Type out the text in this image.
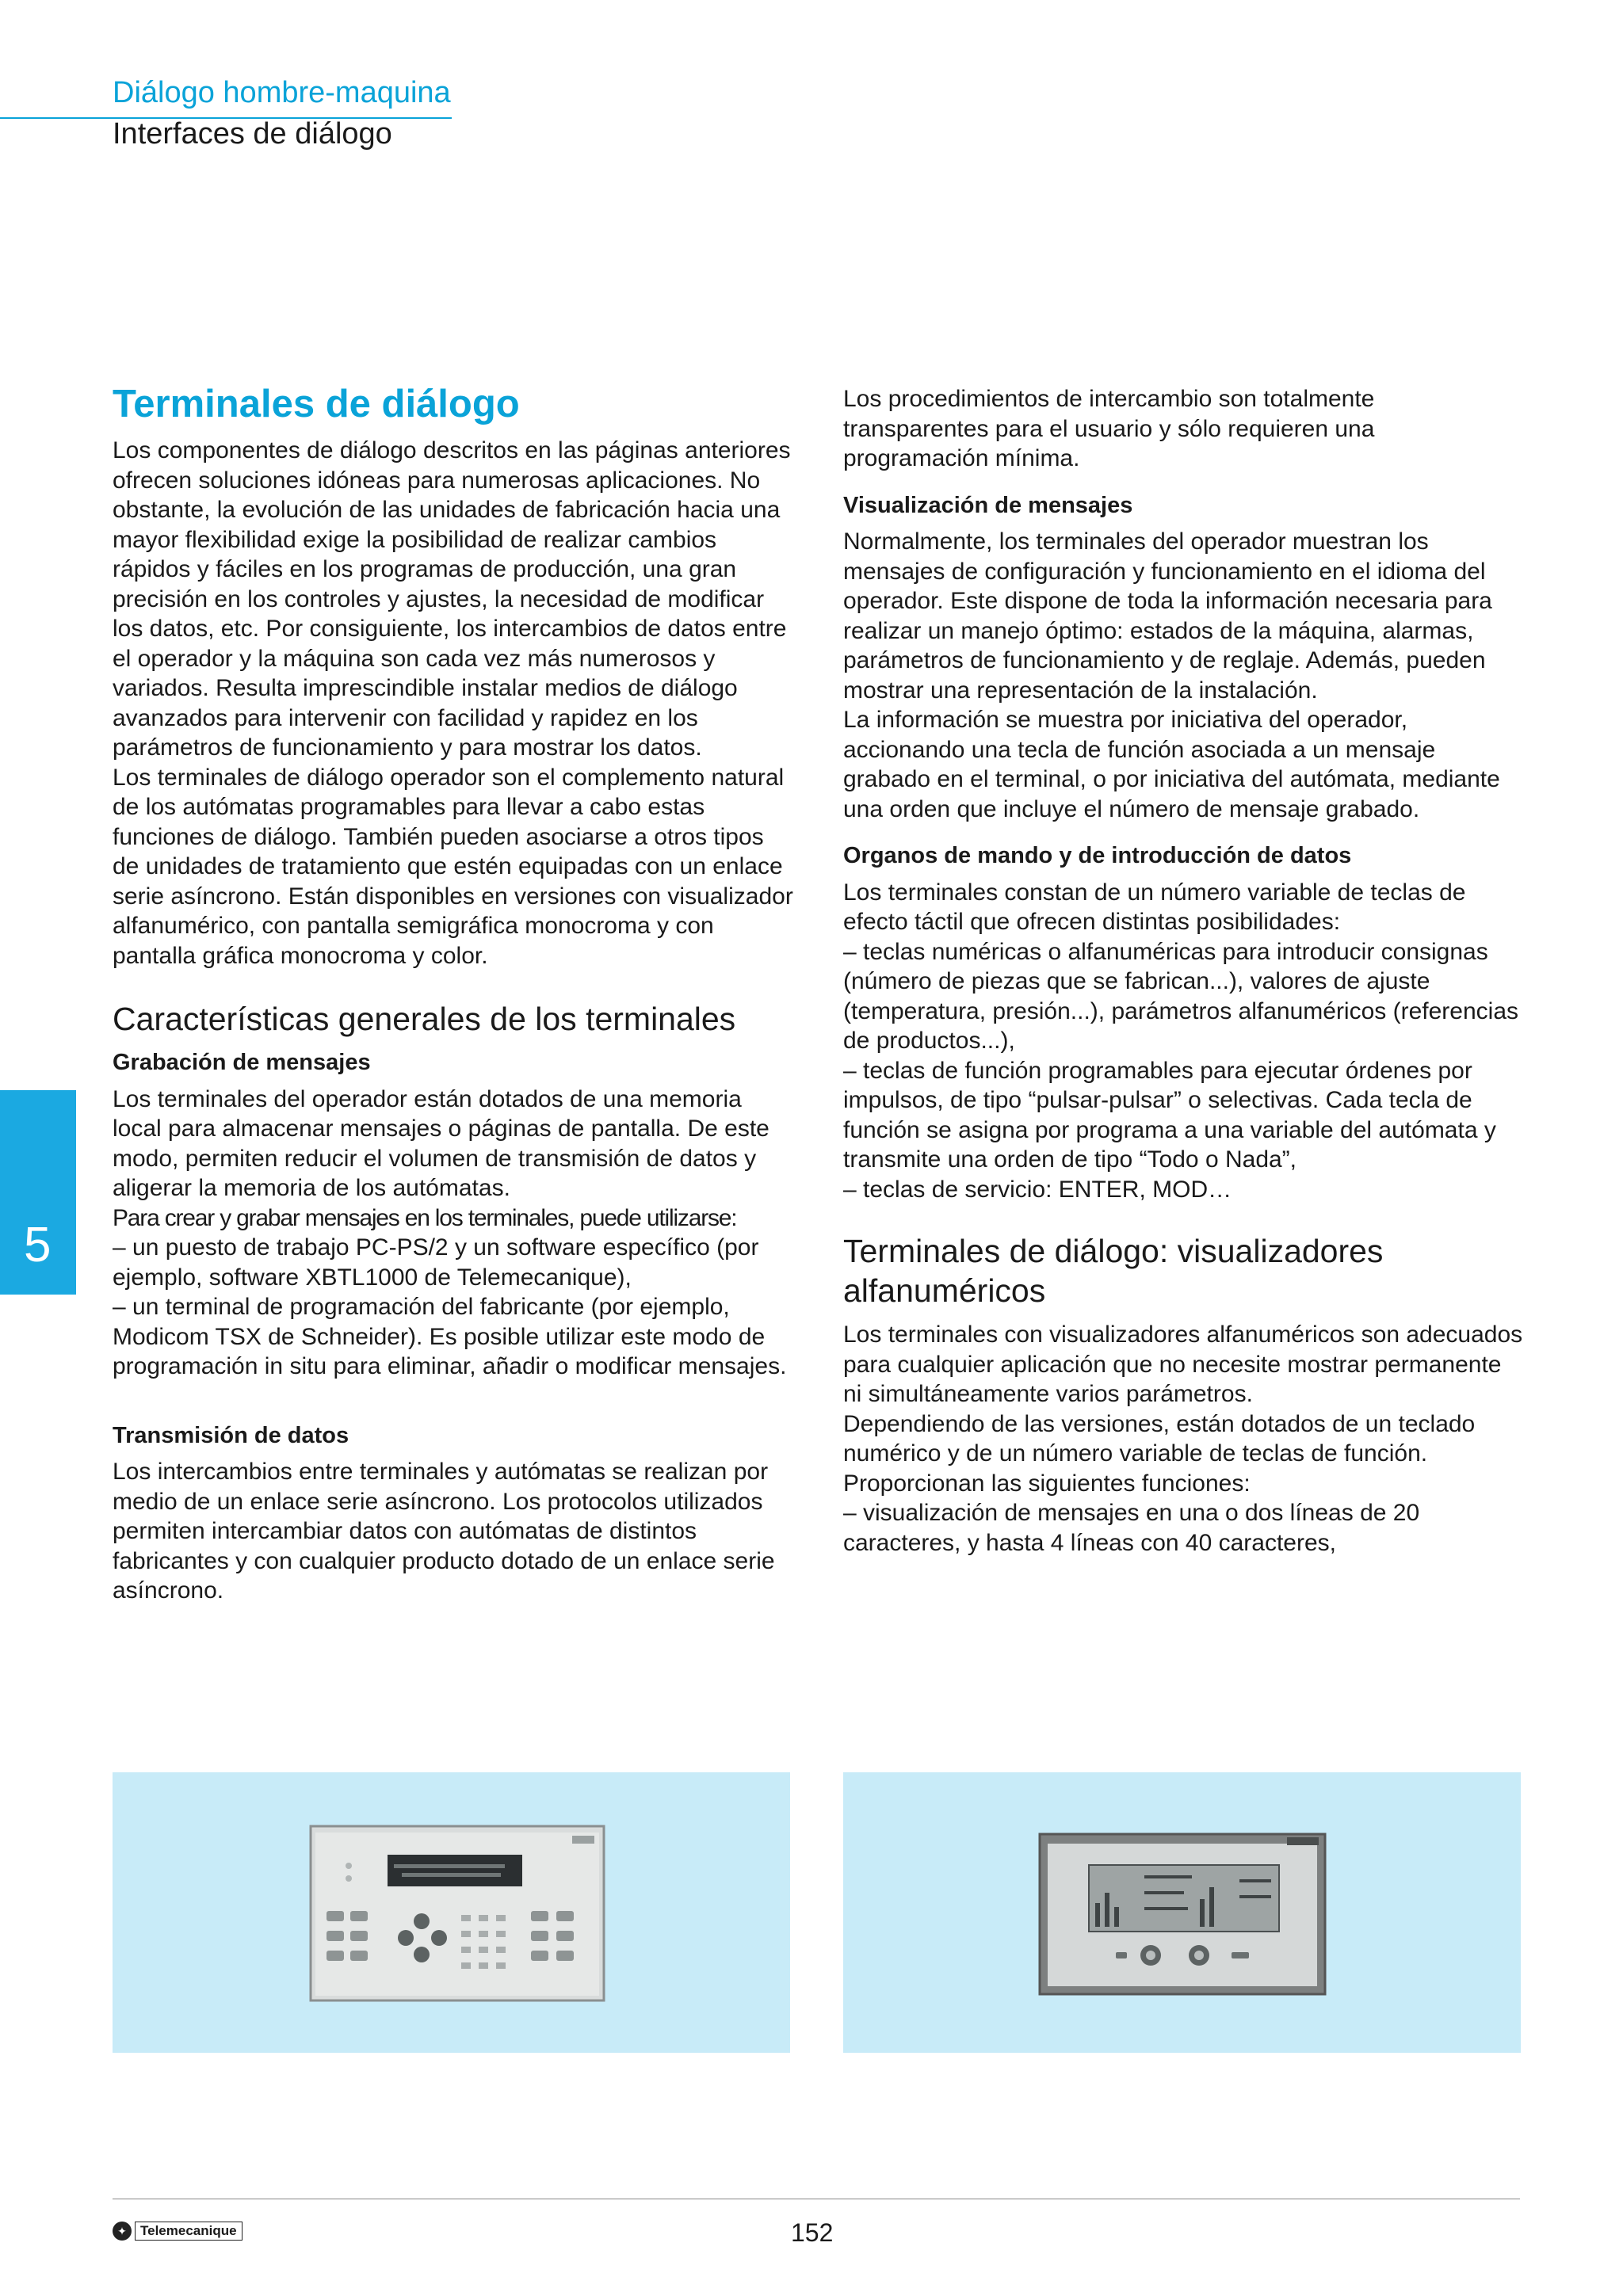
Diálogo hombre-maquina
Interfaces de diálogo
5
Terminales de diálogo

Los componentes de diálogo descritos en las páginas anteriores ofrecen soluciones idóneas para numerosas aplicaciones. No obstante, la evolución de las unidades de fabricación hacia una mayor flexibilidad exige la posibilidad de realizar cambios rápidos y fáciles en los programas de producción, una gran precisión en los controles y ajustes, la necesidad de modificar los datos, etc. Por consiguiente, los intercambios de datos entre el operador y la máquina son cada vez más numerosos y variados. Resulta imprescindible instalar medios de diálogo avanzados para intervenir con facilidad y rapidez en los parámetros de funcionamiento y para mostrar los datos.

Los terminales de diálogo operador son el complemento natural de los autómatas programables para llevar a cabo estas funciones de diálogo. También pueden asociarse a otros tipos de unidades de tratamiento que estén equipadas con un enlace serie asíncrono. Están disponibles en versiones con visualizador alfanumérico, con pantalla semigráfica monocroma y con pantalla gráfica monocroma y color.

Características generales de los terminales
Grabación de mensajes

Los terminales del operador están dotados de una memoria local para almacenar mensajes o páginas de pantalla. De este modo, permiten reducir el volumen de transmisión de datos y aligerar la memoria de los autómatas.

Para crear y grabar mensajes en los terminales, puede utilizarse:

– un puesto de trabajo PC-PS/2 y un software específico (por ejemplo, software XBTL1000 de Telemecanique),

– un terminal de programación del fabricante (por ejemplo, Modicom TSX de Schneider). Es posible utilizar este modo de programación in situ para eliminar, añadir o modificar mensajes.

Transmisión de datos

Los intercambios entre terminales y autómatas se realizan por medio de un enlace serie asíncrono. Los protocolos utilizados permiten intercambiar datos con autómatas de distintos fabricantes y con cualquier producto dotado de un enlace serie asíncrono.

Los procedimientos de intercambio son totalmente transparentes para el usuario y sólo requieren una programación mínima.

Visualización de mensajes

Normalmente, los terminales del operador muestran los mensajes de configuración y funcionamiento en el idioma del operador. Este dispone de toda la información necesaria para realizar un manejo óptimo: estados de la máquina, alarmas, parámetros de funcionamiento y de reglaje. Además, pueden mostrar una representación de la instalación.

La información se muestra por iniciativa del operador, accionando una tecla de función asociada a un mensaje grabado en el terminal, o por iniciativa del autómata, mediante una orden que incluye el número de mensaje grabado.

Organos de mando y de introducción de datos

Los terminales constan de un número variable de teclas de efecto táctil que ofrecen distintas posibilidades:

– teclas numéricas o alfanuméricas para introducir consignas (número de piezas que se fabrican...), valores de ajuste (temperatura, presión...), parámetros alfanuméricos (referencias de productos...),

– teclas de función programables para ejecutar órdenes por impulsos, de tipo “pulsar-pulsar” o selectivas. Cada tecla de función se asigna por programa a una variable del autómata y transmite una orden de tipo “Todo o Nada”,

– teclas de servicio: ENTER, MOD…

Terminales de diálogo: visualizadores alfanuméricos

Los terminales con visualizadores alfanuméricos son adecuados para cualquier aplicación que no necesite mostrar permanente ni simultáneamente varios parámetros.

Dependiendo de las versiones, están dotados de un teclado numérico y de un número variable de teclas de función.

Proporcionan las siguientes funciones:

– visualización de mensajes en una o dos líneas de 20 caracteres, y hasta 4 líneas con 40 caracteres,

✦	Telemecanique	152
